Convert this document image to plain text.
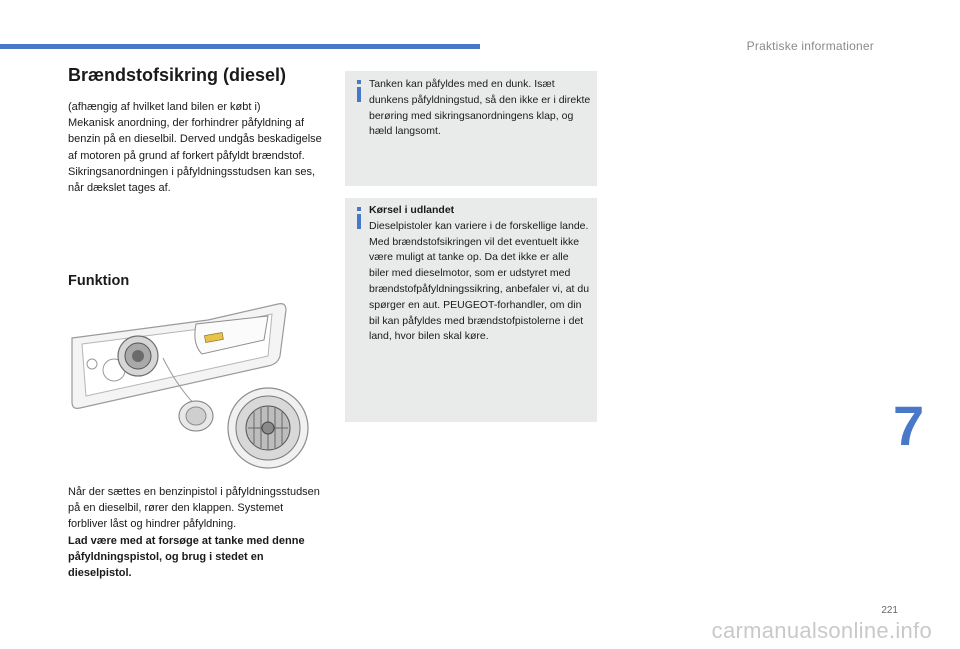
Praktiske informationer
7
Brændstofsikring (diesel)

(afhængig af hvilket land bilen er købt i)

Mekanisk anordning, der forhindrer påfyldning af benzin på en dieselbil. Derved undgås beskadigelse af motoren på grund af forkert påfyldt brændstof.

Sikringsanordningen i påfyldningsstudsen kan ses, når dækslet tages af.

Funktion

Når der sættes en benzinpistol i påfyldningsstudsen på en dieselbil, rører den klappen. Systemet forbliver låst og hindrer påfyldning.

Lad være med at forsøge at tanke med denne påfyldningspistol, og brug i stedet en dieselpistol.

Tanken kan påfyldes med en dunk. Isæt dunkens påfyldningstud, så den ikke er i direkte berøring med sikringsanordningens klap, og hæld langsomt.

Kørsel i udlandet

Dieselpistoler kan variere i de forskellige lande. Med brændstofsikringen vil det eventuelt ikke være muligt at tanke op. Da det ikke er alle biler med dieselmotor, som er udstyret med brændstofpåfyldningssikring, anbefaler vi, at du spørger en aut. PEUGEOT-forhandler, om din bil kan påfyldes med brændstofpistolerne i det land, hvor bilen skal køre.

221
carmanualsonline.info
